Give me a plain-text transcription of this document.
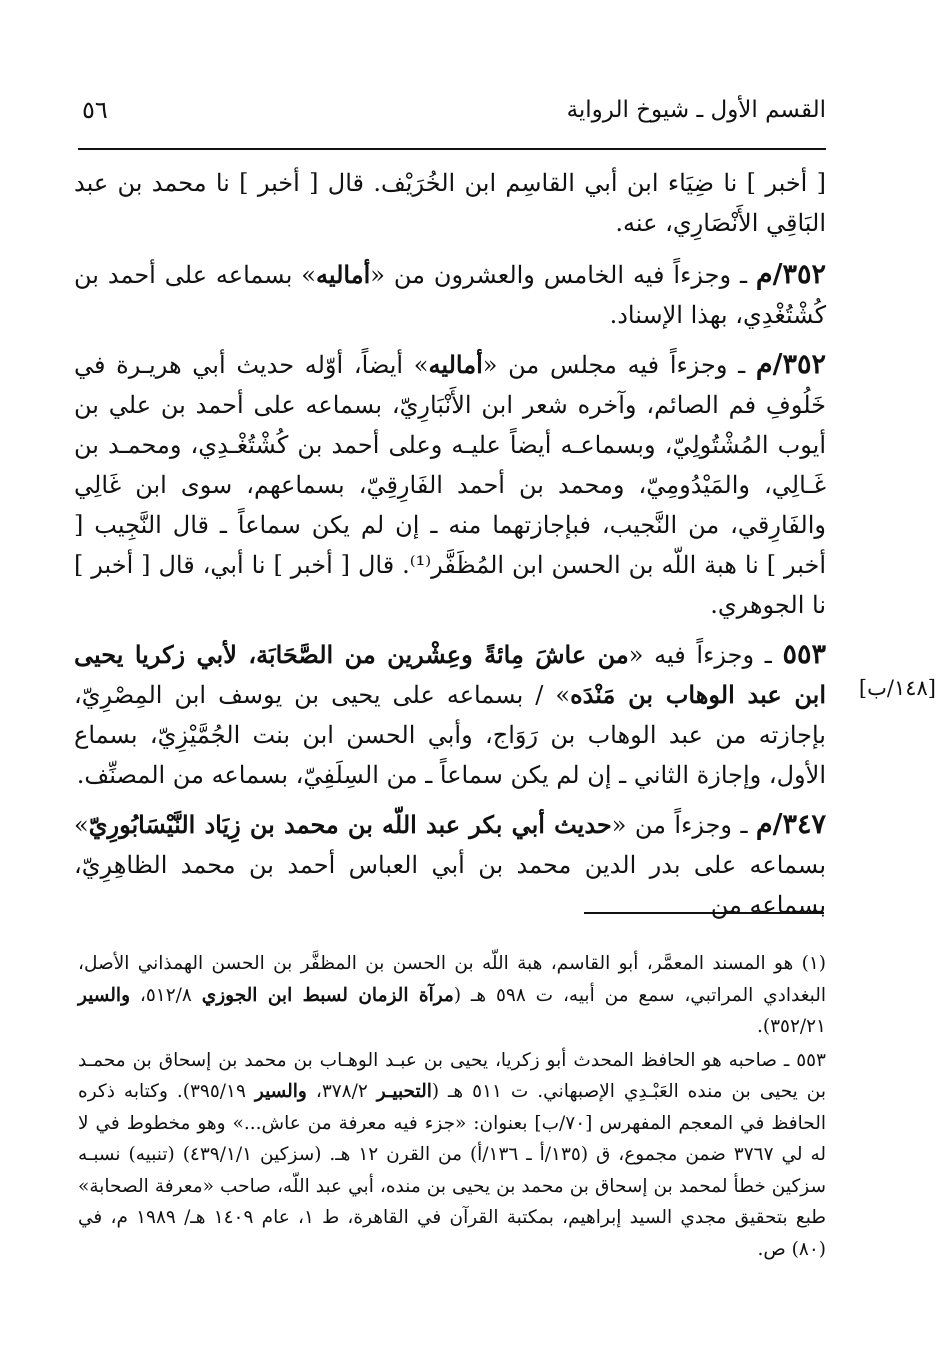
القسم الأول ـ شيوخ الرواية
٥٦

[ أخبر ] نا ضِيَاء ابن أبي القاسِم ابن الخُرَيْف. قال [ أخبر ] نا محمد بن عبد البَاقِي الأَنْصَارِي، عنه.

٣٥٢/م ـ وجزءاً فيه الخامس والعشرون من «أماليه» بسماعه على أحمد بن كُشْتُغْدِي، بهذا الإسناد.

٣٥٢/م ـ وجزءاً فيه مجلس من «أماليه» أيضاً، أوّله حديث أبي هريـرة في خَلُوفِ فم الصائم، وآخره شعر ابن الأَنْبَارِيّ، بسماعه على أحمد بن علي بن أيوب المُشْتُولِيّ، وبسماعـه أيضاً عليـه وعلى أحمد بن كُشْتُغْـدِي، ومحمـد بن غَـالِي، والمَيْدُومِيّ، ومحمد بن أحمد الفَارِقِيّ، بسماعهم، سوى ابن غَالِي والفَارِقي، من النَّجيب، فبإجازتهما منه ـ إن لم يكن سماعاً ـ قال النَّجِيب [ أخبر ] نا هبة اللّه بن الحسن ابن المُظَفَّر⁽¹⁾. قال [ أخبر ] نا أبي، قال [ أخبر ] نا الجوهري.

٥٥٣ ـ وجزءاً فيه «من عاشَ مِائةً وعِشْرين من الصَّحَابَة، لأبي زكريا يحيى ابن عبد الوهاب بن مَنْدَه» / بسماعه على يحيى بن يوسف ابن المِصْرِيّ، بإجازته من عبد الوهاب بن رَوَاج، وأبي الحسن ابن بنت الجُمَّيْزِيّ، بسماع الأول، وإجازة الثاني ـ إن لم يكن سماعاً ـ من السِلَفِيّ، بسماعه من المصنِّف.

٣٤٧/م ـ وجزءاً من «حديث أبي بكر عبد اللّه بن محمد بن زِيَاد النَّيْسَابُورِيّ» بسماعه على بدر الدين محمد بن أبي العباس أحمد بن محمد الظاهِرِيّ، بسماعه من

[١٤٨/ب]

(١) هو المسند المعمَّر، أبو القاسم، هبة اللّه بن الحسن بن المظفَّر بن الحسن الهمذاني الأصل، البغدادي المراتبي، سمع من أبيه، ت ٥٩٨ هـ (مرآة الزمان لسبط ابن الجوزي ٥١٢/٨، والسير ٣٥٢/٢١).

٥٥٣ ـ صاحبه هو الحافظ المحدث أبو زكريا، يحيى بن عبـد الوهـاب بن محمد بن إسحاق بن محمـد بن يحيى بن منده العَبْـدِي الإصبهاني. ت ٥١١ هـ (التحبيـر ٣٧٨/٢، والسير ٣٩٥/١٩). وكتابه ذكره الحافظ في المعجم المفهرس [٧٠/ب] بعنوان: «جزء فيه معرفة من عاش...» وهو مخطوط في لا له لي ٣٧٦٧ ضمن مجموع، ق (١٣٥/أ ـ ١٣٦/أ) من القرن ١٢ هـ. (سزكين ٤٣٩/١/١) (تنبيه) نسبـه سزكين خطأ لمحمد بن إسحاق بن محمد بن يحيى بن منده، أبي عبد اللّه، صاحب «معرفة الصحابة» طبع بتحقيق مجدي السيد إبراهيم، بمكتبة القرآن في القاهرة، ط ١، عام ١٤٠٩ هـ/ ١٩٨٩ م، في (٨٠) ص.
